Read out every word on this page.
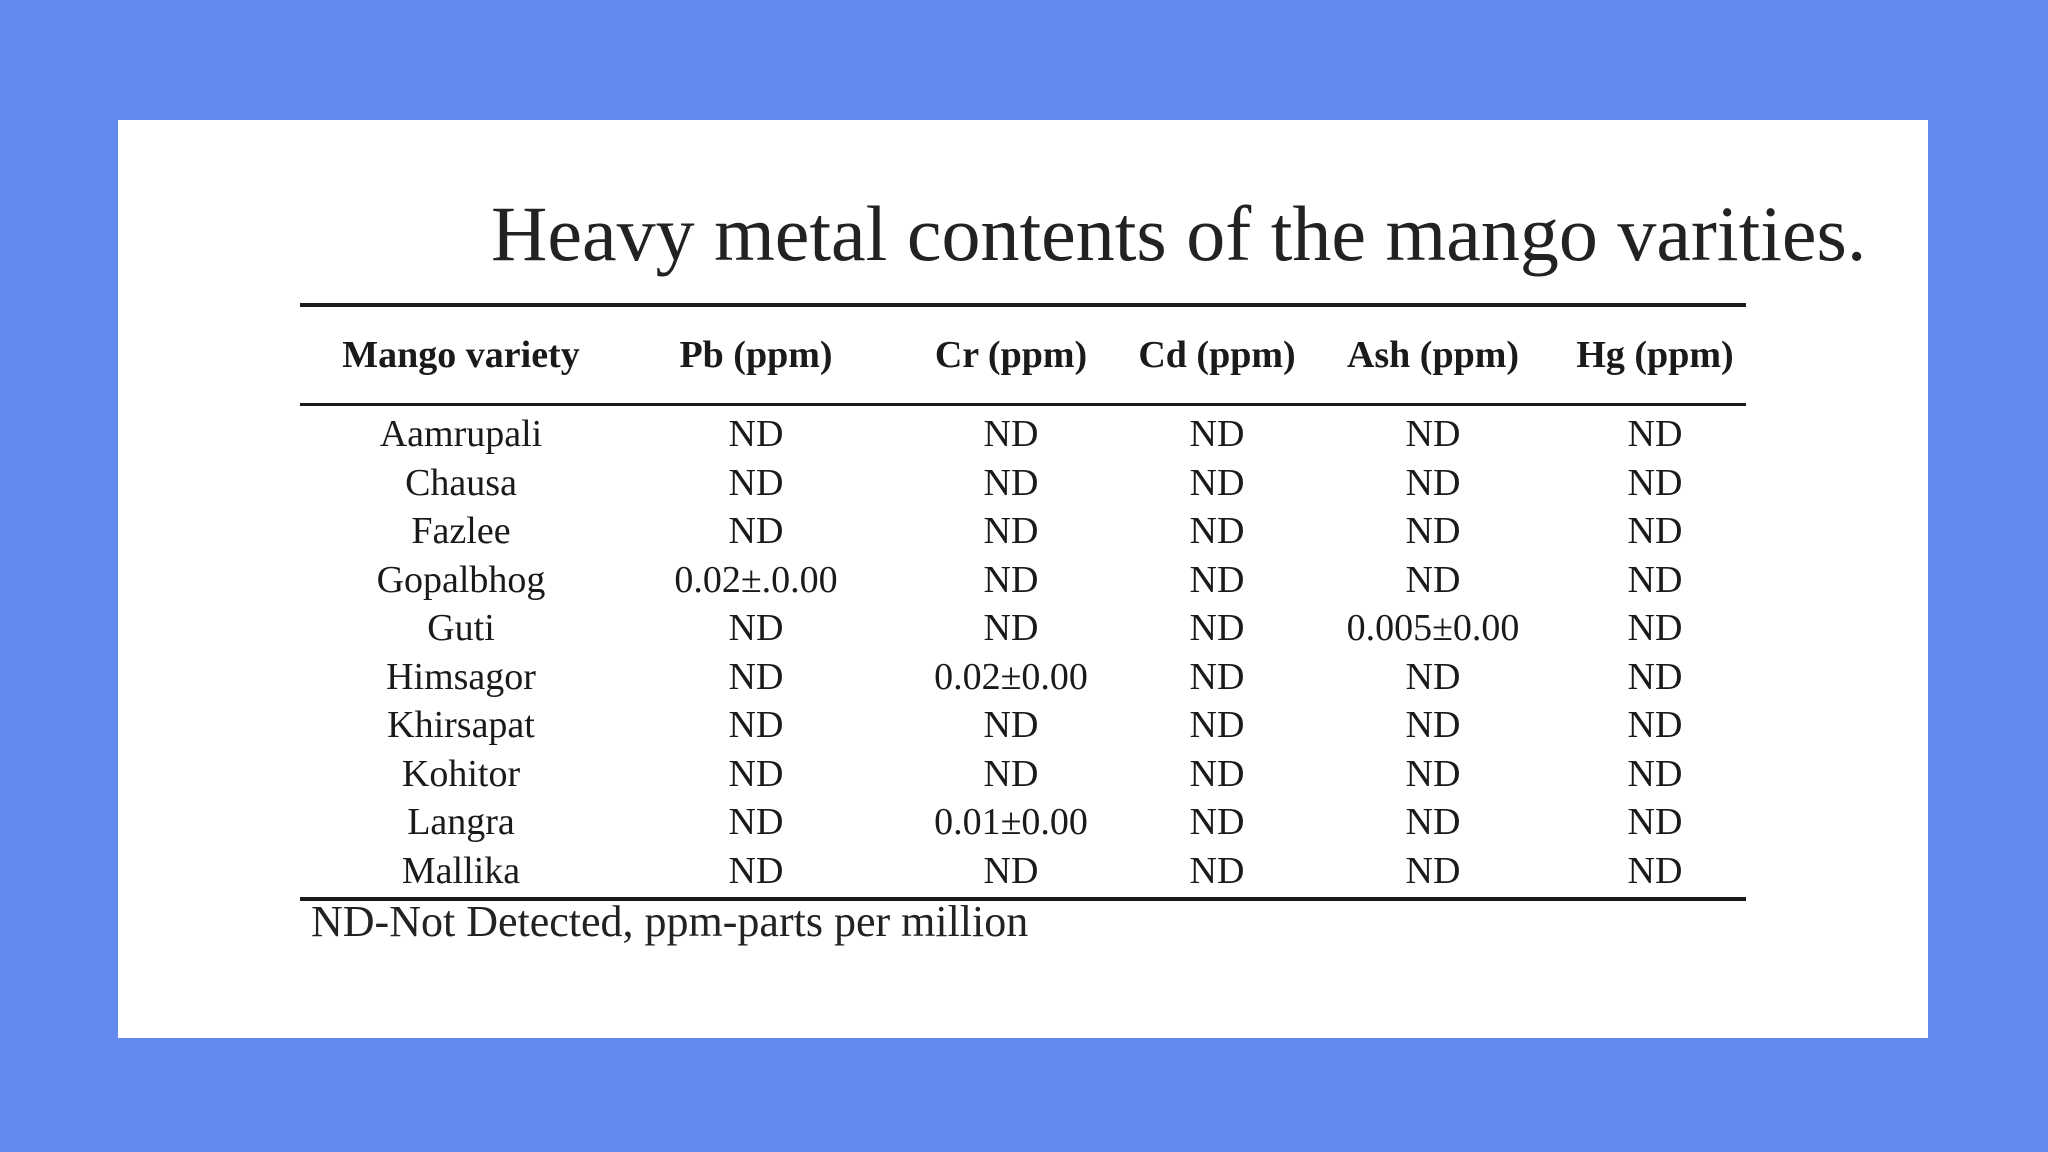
Heavy metal contents of the mango varities.
Mango variety	Pb (ppm)	Cr (ppm)	Cd (ppm)	Ash (ppm)	Hg (ppm)
Aamrupali	ND	ND	ND	ND	ND
Chausa	ND	ND	ND	ND	ND
Fazlee	ND	ND	ND	ND	ND
Gopalbhog	0.02±.0.00	ND	ND	ND	ND
Guti	ND	ND	ND	0.005±0.00	ND
Himsagor	ND	0.02±0.00	ND	ND	ND
Khirsapat	ND	ND	ND	ND	ND
Kohitor	ND	ND	ND	ND	ND
Langra	ND	0.01±0.00	ND	ND	ND
Mallika	ND	ND	ND	ND	ND
ND-Not Detected, ppm-parts per million
